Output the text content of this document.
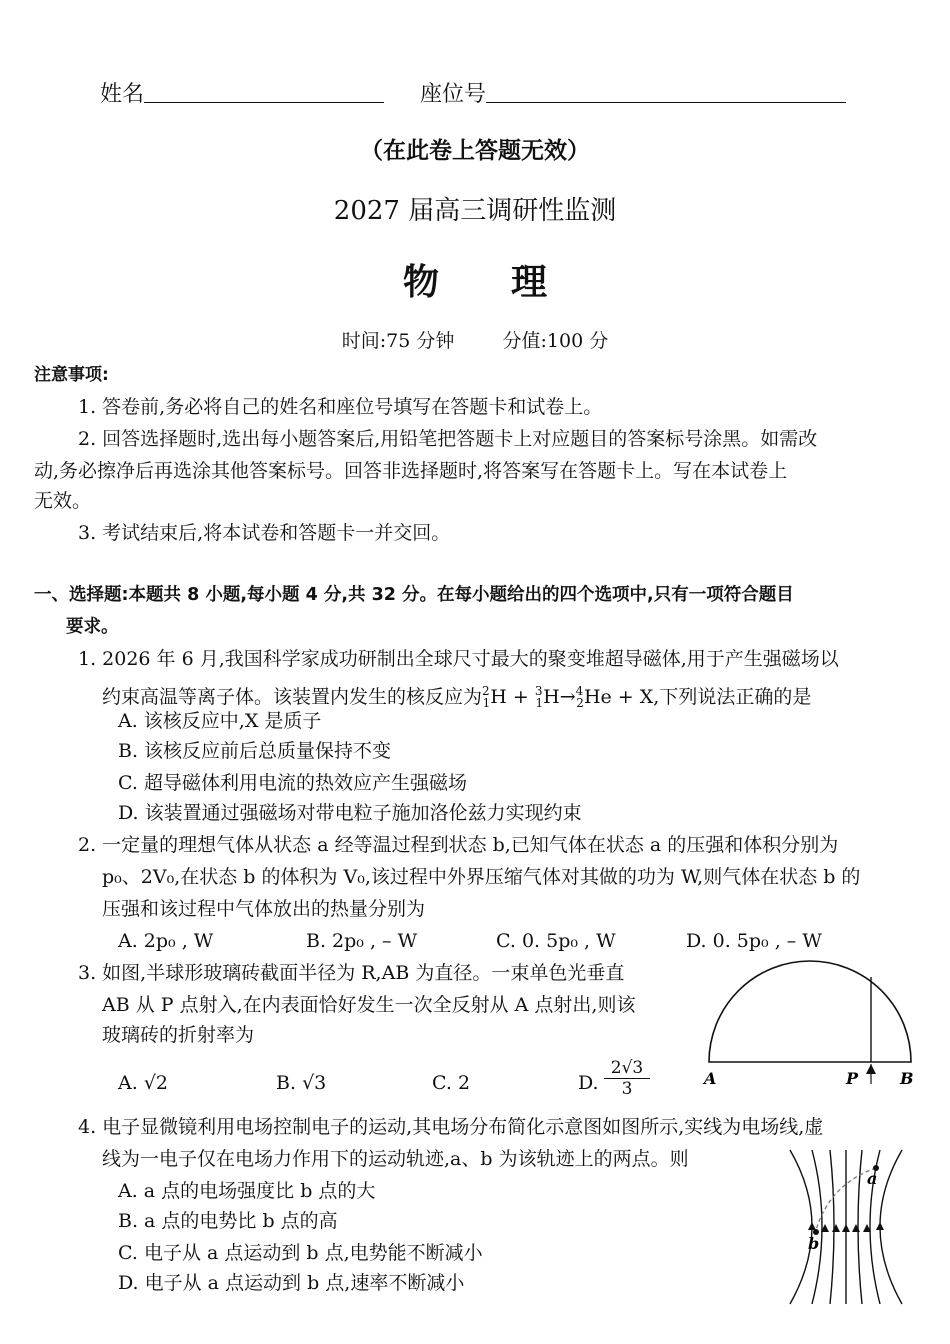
姓名	座位号
（在此卷上答题无效）
2027 届高三调研性监测
物　　理
时间:75 分钟	分值:100 分
注意事项:
1. 答卷前,务必将自己的姓名和座位号填写在答题卡和试卷上。
2. 回答选择题时,选出每小题答案后,用铅笔把答题卡上对应题目的答案标号涂黑。如需改
动,务必擦净后再选涂其他答案标号。回答非选择题时,将答案写在答题卡上。写在本试卷上
无效。
3. 考试结束后,将本试卷和答题卡一并交回。
一、选择题:本题共 8 小题,每小题 4 分,共 32 分。在每小题给出的四个选项中,只有一项符合题目
要求。
1. 2026 年 6 月,我国科学家成功研制出全球尺寸最大的聚变堆超导磁体,用于产生强磁场以
约束高温等离子体。该装置内发生的核反应为$^2_1$H + $^3_1$H→$^4_2$He + X,下列说法正确的是
A. 该核反应中,X 是质子
B. 该核反应前后总质量保持不变
C. 超导磁体利用电流的热效应产生强磁场
D. 该装置通过强磁场对带电粒子施加洛伦兹力实现约束
2. 一定量的理想气体从状态 a 经等温过程到状态 b,已知气体在状态 a 的压强和体积分别为
p₀、2V₀,在状态 b 的体积为 V₀,该过程中外界压缩气体对其做的功为 W,则气体在状态 b 的
压强和该过程中气体放出的热量分别为
A. 2p₀ , W	B. 2p₀ , – W	C. 0. 5p₀ , W	D. 0. 5p₀ , – W
3. 如图,半球形玻璃砖截面半径为 R,AB 为直径。一束单色光垂直
AB 从 P 点射入,在内表面恰好发生一次全反射从 A 点射出,则该
玻璃砖的折射率为
A. √2	B. √3	C. 2	D. $\frac{2√3}{3}$	A	P	B
4. 电子显微镜利用电场控制电子的运动,其电场分布简化示意图如图所示,实线为电场线,虚
线为一电子仅在电场力作用下的运动轨迹,a、b 为该轨迹上的两点。则
A. a 点的电场强度比 b 点的大
B. a 点的电势比 b 点的高
C. 电子从 a 点运动到 b 点,电势能不断减小
D. 电子从 a 点运动到 b 点,速率不断减小
a
b
